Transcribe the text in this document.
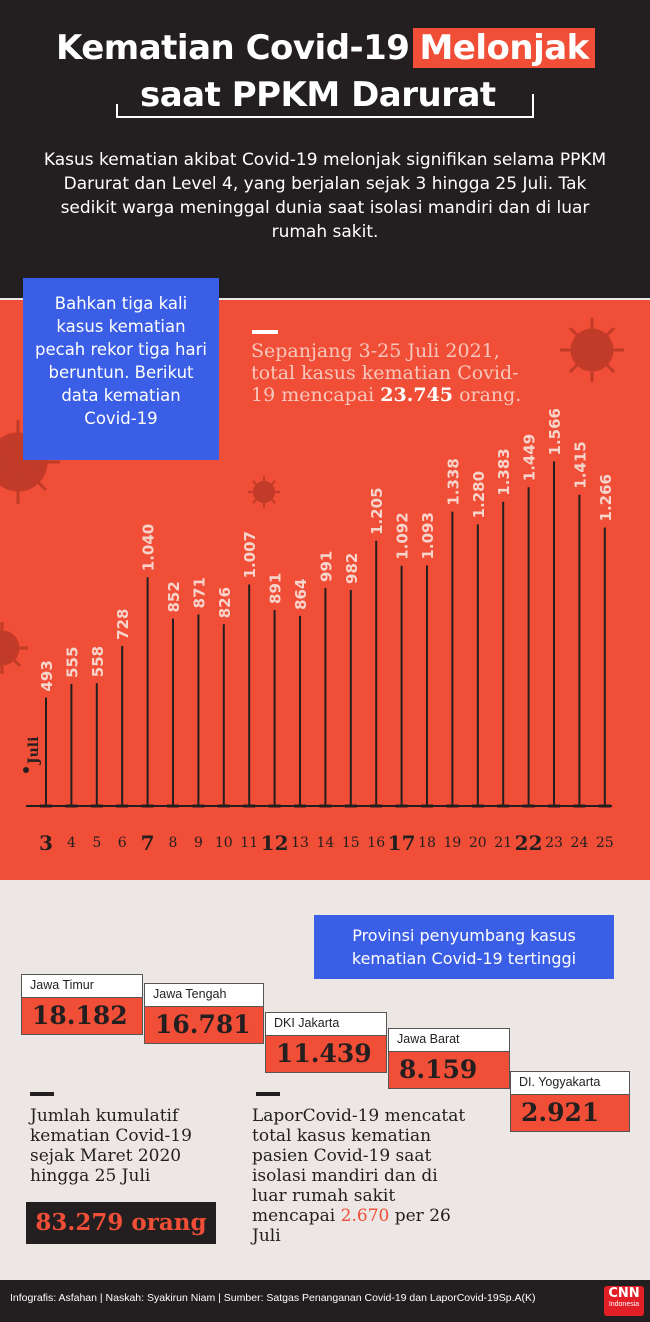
Kematian Covid-19 Melonjak
saat PPKM Darurat
Kasus kematian akibat Covid-19 melonjak signifikan selama PPKM Darurat dan Level 4, yang berjalan sejak 3 hingga 25 Juli. Tak sedikit warga meninggal dunia saat isolasi mandiri dan di luar rumah sakit.
Bahkan tiga kali kasus kematian pecah rekor tiga hari beruntun. Berikut data kematian Covid-19
Sepanjang 3-25 Juli 2021, total kasus kematian Covid-19 mencapai 23.745 orang.
Juli
493
3
555
4
558
5
728
6
1.040
7
852
8
871
9
826
10
1.007
11
891
12
864
13
991
14
982
15
1.205
16
1.092
17
1.093
18
1.338
19
1.280
20
1.383
21
1.449
22
1.566
23
1.415
24
1.266
25
Provinsi penyumbang kasus kematian Covid-19 tertinggi
Jawa Timur
18.182
Jawa Tengah
16.781	DKI Jakarta
11.439	Jawa Barat
8.159	DI. Yogyakarta
2.921
Jumlah kumulatif kematian Covid-19 sejak Maret 2020 hingga 25 Juli
83.279 orang
LaporCovid-19 mencatat total kasus kematian pasien Covid-19 saat isolasi mandiri dan di luar rumah sakit mencapai 2.670 per 26 Juli
Infografis: Asfahan | Naskah: Syakirun Niam | Sumber: Satgas Penanganan Covid-19 dan LaporCovid-19Sp.A(K)	CNN
Indonesia
